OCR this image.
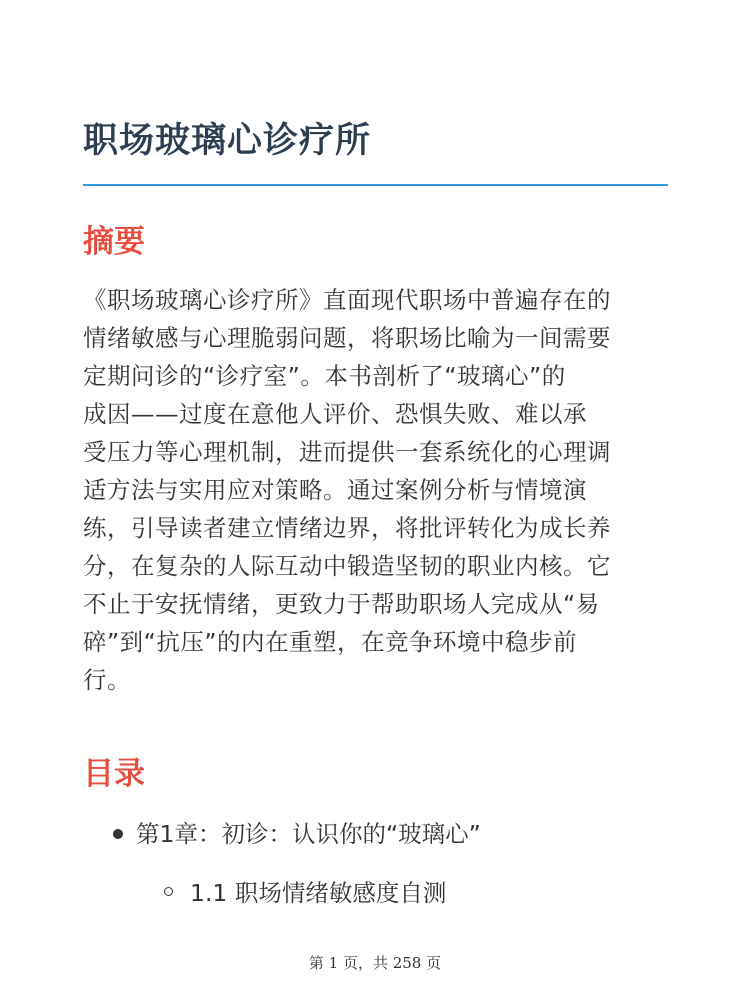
职场玻璃心诊疗所
摘要

《职场玻璃心诊疗所》直面现代职场中普遍存在的
情绪敏感与心理脆弱问题，将职场比喻为一间需要
定期问诊的“诊疗室”。本书剖析了“玻璃心”的
成因——过度在意他人评价、恐惧失败、难以承
受压力等心理机制，进而提供一套系统化的心理调
适方法与实用应对策略。通过案例分析与情境演
练，引导读者建立情绪边界，将批评转化为成长养
分，在复杂的人际互动中锻造坚韧的职业内核。它
不止于安抚情绪，更致力于帮助职场人完成从“易
碎”到“抗压”的内在重塑，在竞争环境中稳步前
行。

目录
第1章：初诊：认识你的“玻璃心”
1.1 职场情绪敏感度自测
第 1 页，共 258 页
